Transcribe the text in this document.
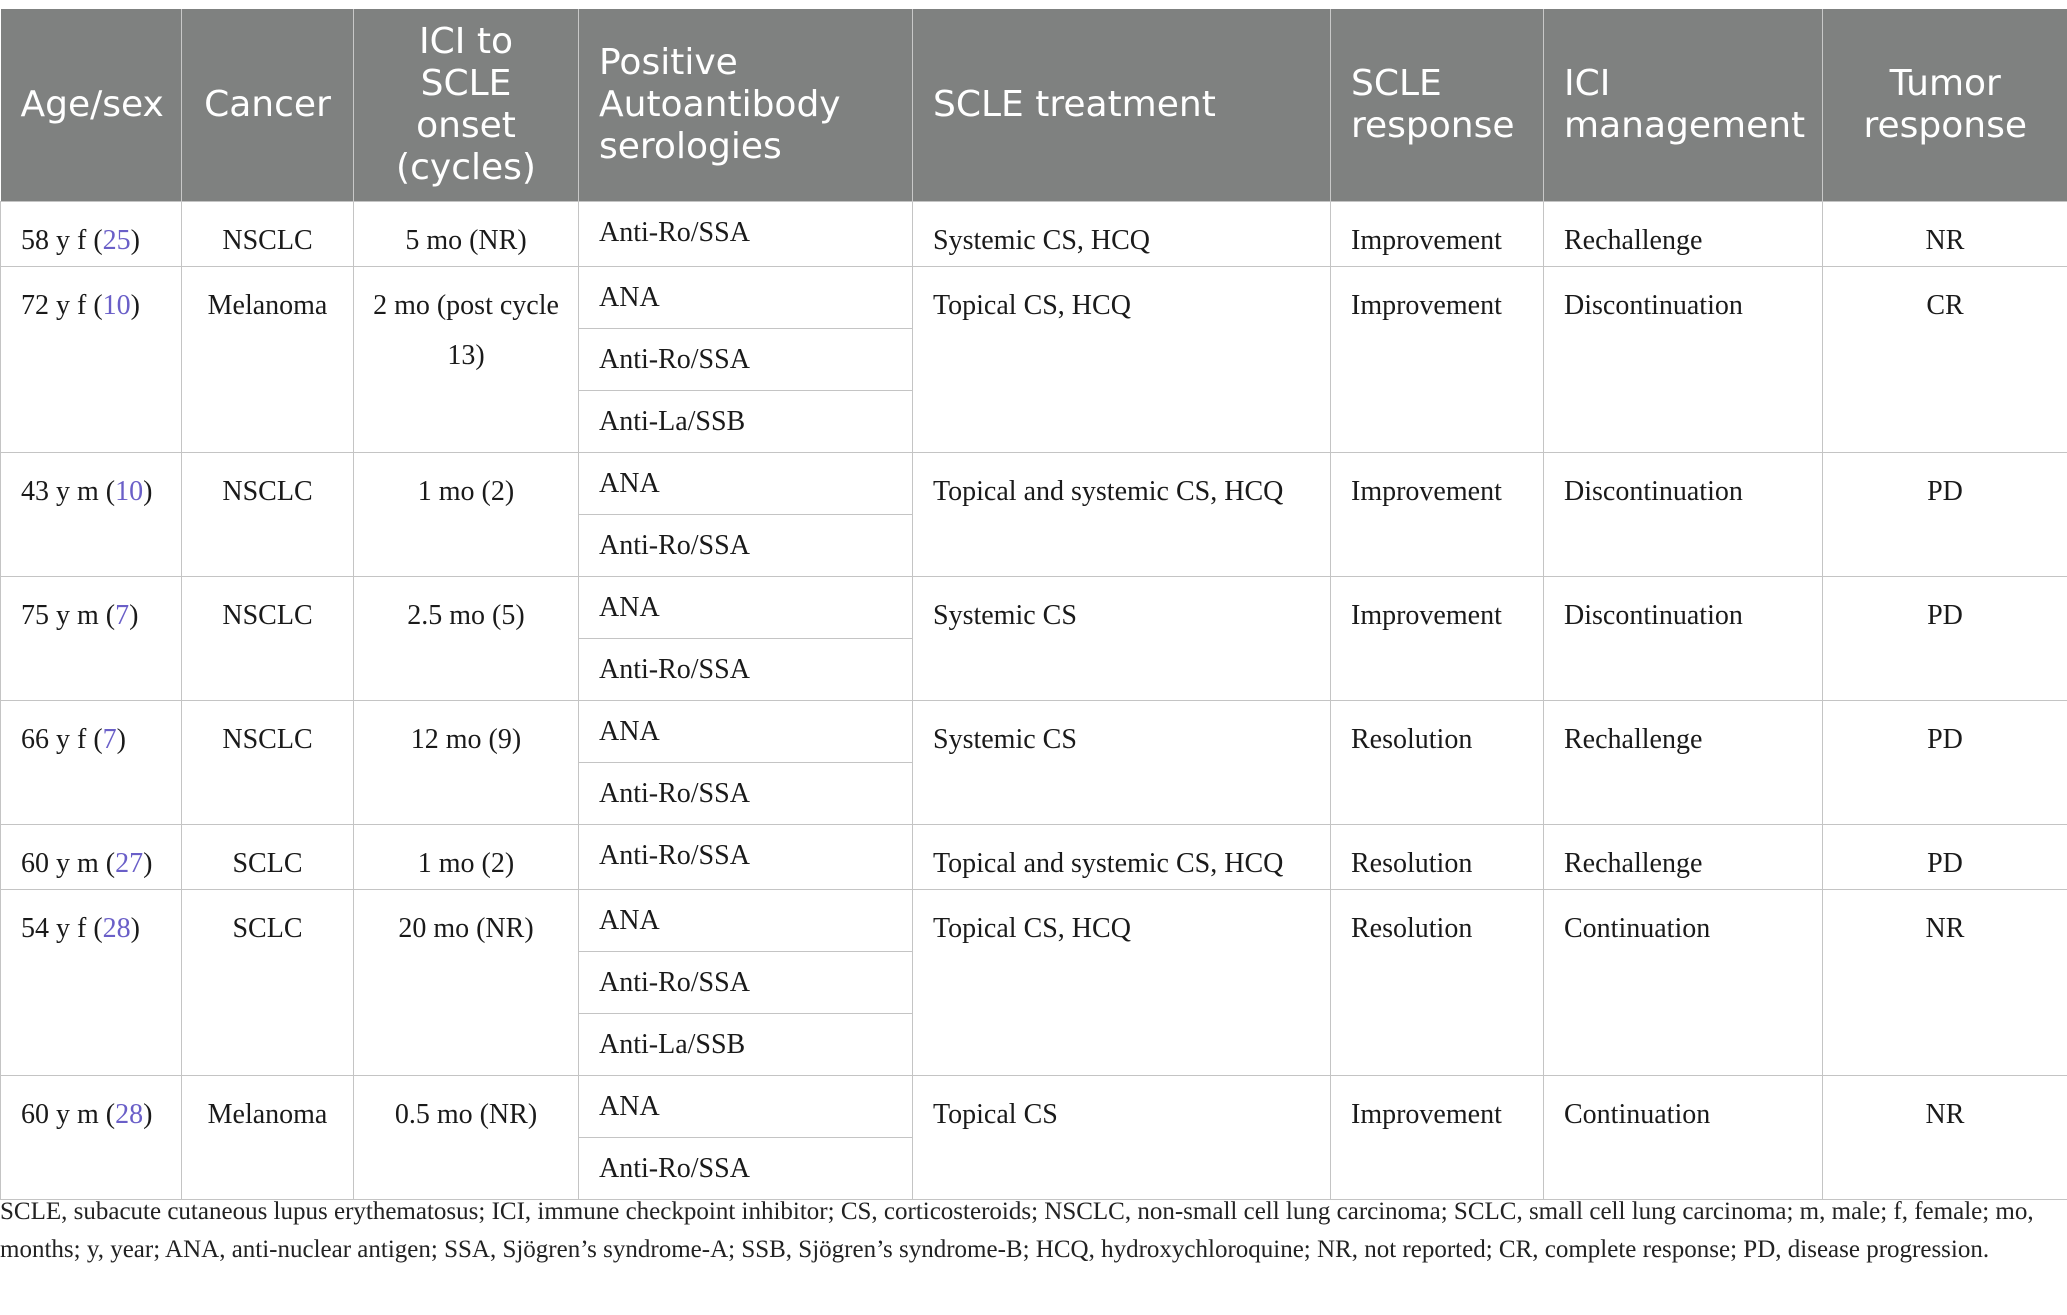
Age/sex	Cancer	ICI to SCLE onset (cycles)	Positive Autoantibody serologies	SCLE treatment	SCLE response	ICI management	Tumor response
58 y f (25)	NSCLC	5 mo (NR)	Anti-Ro/SSA	Systemic CS, HCQ	Improvement	Rechallenge	NR
72 y f (10)	Melanoma	2 mo (post cycle 13)	ANA	Topical CS, HCQ	Improvement	Discontinuation	CR
			Anti-Ro/SSA				
			Anti-La/SSB				
43 y m (10)	NSCLC	1 mo (2)	ANA	Topical and systemic CS, HCQ	Improvement	Discontinuation	PD
			Anti-Ro/SSA				
75 y m (7)	NSCLC	2.5 mo (5)	ANA	Systemic CS	Improvement	Discontinuation	PD
			Anti-Ro/SSA				
66 y f (7)	NSCLC	12 mo (9)	ANA	Systemic CS	Resolution	Rechallenge	PD
			Anti-Ro/SSA				
60 y m (27)	SCLC	1 mo (2)	Anti-Ro/SSA	Topical and systemic CS, HCQ	Resolution	Rechallenge	PD
54 y f (28)	SCLC	20 mo (NR)	ANA	Topical CS, HCQ	Resolution	Continuation	NR
			Anti-Ro/SSA				
			Anti-La/SSB				
60 y m (28)	Melanoma	0.5 mo (NR)	ANA	Topical CS	Improvement	Continuation	NR
			Anti-Ro/SSA				
SCLE, subacute cutaneous lupus erythematosus; ICI, immune checkpoint inhibitor; CS, corticosteroids; NSCLC, non-small cell lung carcinoma; SCLC, small cell lung carcinoma; m, male; f, female; mo, months; y, year; ANA, anti-nuclear antigen; SSA, Sjögren’s syndrome-A; SSB, Sjögren’s syndrome-B; HCQ, hydroxychloroquine; NR, not reported; CR, complete response; PD, disease progression.
